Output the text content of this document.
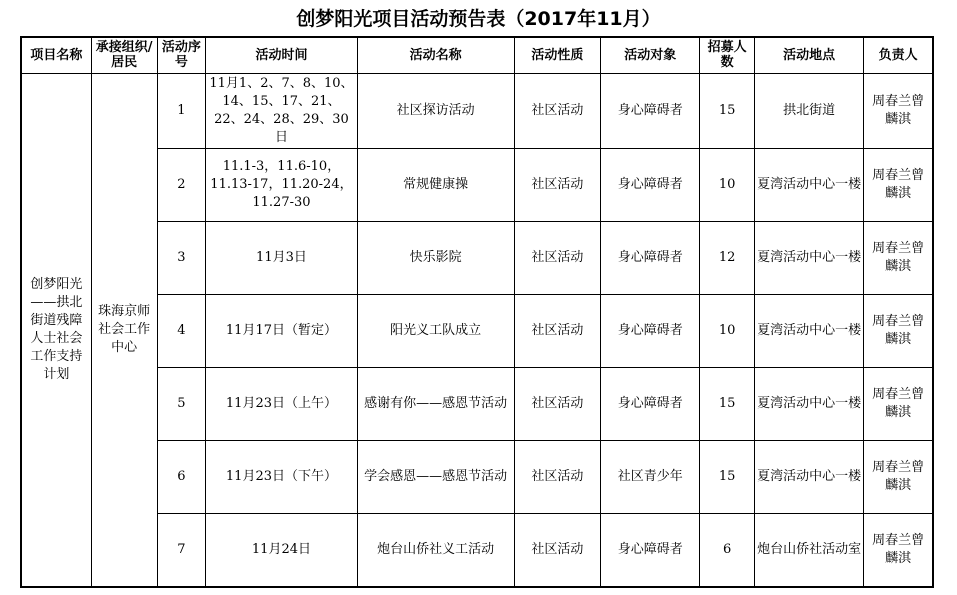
创梦阳光项目活动预告表（2017年11月）
项目名称	承接组织/居民	活动序号	活动时间	活动名称	活动性质	活动对象	招募人数	活动地点	负责人
创梦阳光——拱北街道残障人士社会工作支持计划	珠海京师社会工作中心	1	11月1、2、7、8、10、14、15、17、21、22、24、28、29、30日	社区探访活动	社区活动	身心障碍者	15	拱北街道	周春兰曾麟淇
		2	11.1-3，11.6-10，11.13-17，11.20-24，11.27-30	常规健康操	社区活动	身心障碍者	10	夏湾活动中心一楼	周春兰曾麟淇
		3	11月3日	快乐影院	社区活动	身心障碍者	12	夏湾活动中心一楼	周春兰曾麟淇
		4	11月17日（暂定）	阳光义工队成立	社区活动	身心障碍者	10	夏湾活动中心一楼	周春兰曾麟淇
		5	11月23日（上午）	感谢有你——感恩节活动	社区活动	身心障碍者	15	夏湾活动中心一楼	周春兰曾麟淇
		6	11月23日（下午）	学会感恩——感恩节活动	社区活动	社区青少年	15	夏湾活动中心一楼	周春兰曾麟淇
		7	11月24日	炮台山侨社义工活动	社区活动	身心障碍者	6	炮台山侨社活动室	周春兰曾麟淇
